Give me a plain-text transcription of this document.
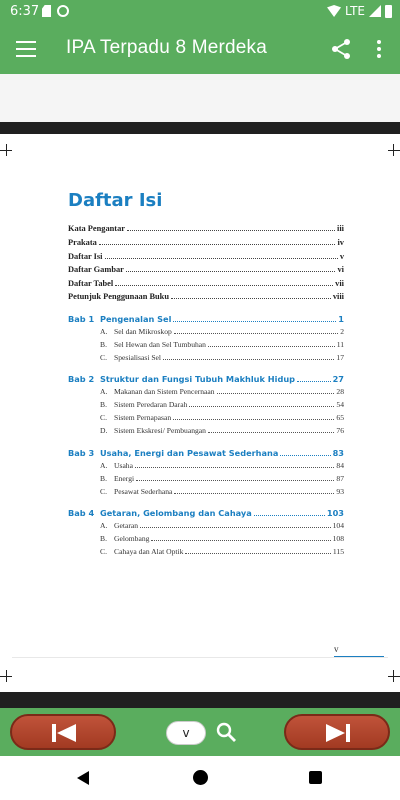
6:37	LTE
IPA Terpadu 8 Merdeka
Daftar Isi
Kata Pengantar	iii
Prakata	iv
Daftar Isi	v
Daftar Gambar	vi
Daftar Tabel	vii
Petunjuk Penggunaan Buku	viii
Bab 1 Pengenalan Sel	1
A. Sel dan Mikroskop	2
B. Sel Hewan dan Sel Tumbuhan	11
C. Spesialisasi Sel	17
Bab 2 Struktur dan Fungsi Tubuh Makhluk Hidup	27
A. Makanan dan Sistem Pencernaan	28
B. Sistem Peredaran Darah	54
C. Sistem Pernapasan	65
D. Sistem Ekskresi/ Pembuangan	76
Bab 3 Usaha, Energi dan Pesawat Sederhana	83
A. Usaha	84
B. Energi	87
C. Pesawat Sederhana	93
Bab 4 Getaran, Gelombang dan Cahaya	103
A. Getaran	104
B. Gelombang	108
C. Cahaya dan Alat Optik	115
v
v
